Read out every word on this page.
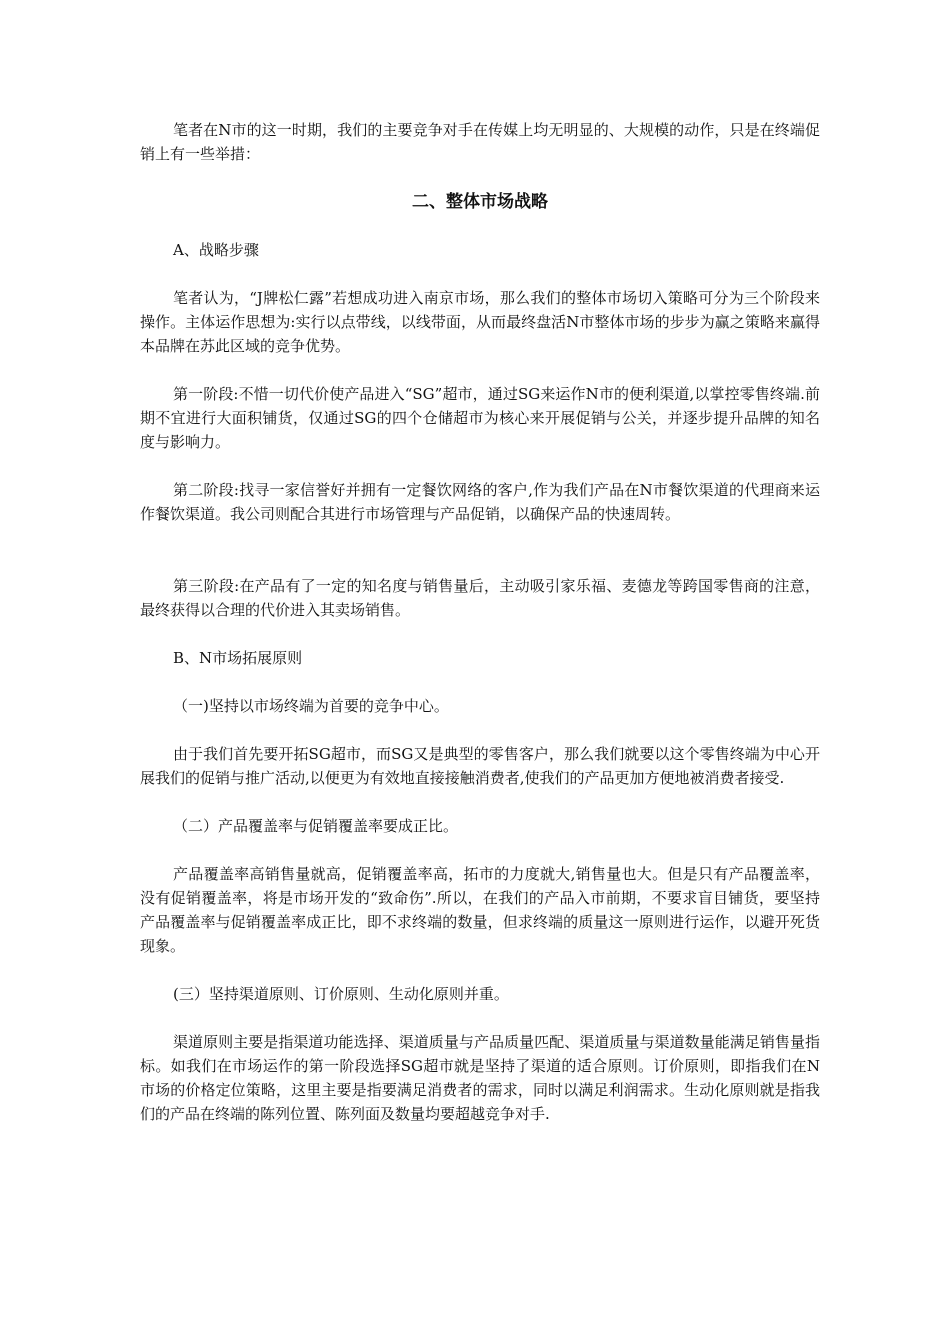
笔者在N市的这一时期，我们的主要竞争对手在传媒上均无明显的、大规模的动作，只是在终端促销上有一些举措：

二、整体市场战略

A、战略步骤

笔者认为，“J牌松仁露”若想成功进入南京市场，那么我们的整体市场切入策略可分为三个阶段来操作。主体运作思想为:实行以点带线，以线带面，从而最终盘活N市整体市场的步步为赢之策略来赢得本品牌在苏此区域的竞争优势。

第一阶段:不惜一切代价使产品进入“SG”超市，通过SG来运作N市的便利渠道,以掌控零售终端.前期不宜进行大面积铺货，仅通过SG的四个仓储超市为核心来开展促销与公关，并逐步提升品牌的知名度与影响力。

第二阶段:找寻一家信誉好并拥有一定餐饮网络的客户,作为我们产品在N市餐饮渠道的代理商来运作餐饮渠道。我公司则配合其进行市场管理与产品促销，以确保产品的快速周转。

第三阶段:在产品有了一定的知名度与销售量后，主动吸引家乐福、麦德龙等跨国零售商的注意，最终获得以合理的代价进入其卖场销售。

B、N市场拓展原则

（一)坚持以市场终端为首要的竞争中心。

由于我们首先要开拓SG超市，而SG又是典型的零售客户，那么我们就要以这个零售终端为中心开展我们的促销与推广活动,以便更为有效地直接接触消费者,使我们的产品更加方便地被消费者接受.

（二）产品覆盖率与促销覆盖率要成正比。

产品覆盖率高销售量就高，促销覆盖率高，拓市的力度就大,销售量也大。但是只有产品覆盖率，没有促销覆盖率，将是市场开发的“致命伤”.所以，在我们的产品入市前期，不要求盲目铺货，要坚持产品覆盖率与促销覆盖率成正比，即不求终端的数量，但求终端的质量这一原则进行运作，以避开死货现象。

(三）坚持渠道原则、订价原则、生动化原则并重。

渠道原则主要是指渠道功能选择、渠道质量与产品质量匹配、渠道质量与渠道数量能满足销售量指标。如我们在市场运作的第一阶段选择SG超市就是坚持了渠道的适合原则。订价原则，即指我们在N市场的价格定位策略，这里主要是指要满足消费者的需求，同时以满足利润需求。生动化原则就是指我们的产品在终端的陈列位置、陈列面及数量均要超越竞争对手.
